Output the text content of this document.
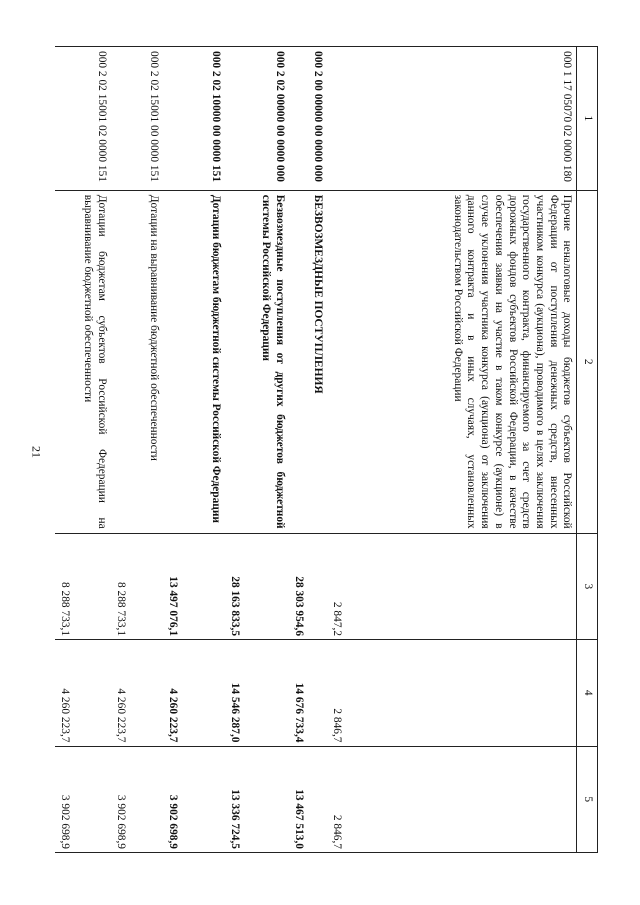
21
1	2	3	4	5
000 1 17 05070 02 0000 180	Прочие неналоговые доходы бюджетов субъектов Российской Федерации от поступления денежных средств, внесенных участником конкурса (аукциона), проводимого в целях заключения государственного контракта, финансируемого за счет средств дорожных фондов субъектов Российской Федерации, в качестве обеспечения заявки на участие в таком конкурсе (аукционе) в случае уклонения участника конкурса (аукциона) от заключения данного контракта и в иных случаях, установленных законодательством Российской Федерации	2 847,2	2 846,7	2 846,7
000 2 00 00000 00 0000 000	БЕЗВОЗМЕЗДНЫЕ ПОСТУПЛЕНИЯ	28 303 954,6	14 676 733,4	13 467 513,0
000 2 02 00000 00 0000 000	Безвозмездные поступления от других бюджетов бюджетной системы Российской Федерации	28 163 833,5	14 546 287,0	13 336 724,5
000 2 02 10000 00 0000 151	Дотации бюджетам бюджетной системы Российской Федерации	13 497 076,1	4 260 223,7	3 902 698,9
000 2 02 15001 00 0000 151	Дотации на выравнивание бюджетной обеспеченности	8 288 733,1	4 260 223,7	3 902 698,9
000 2 02 15001 02 0000 151	Дотации бюджетам субъектов Российской Федерации на выравнивание бюджетной обеспеченности	8 288 733,1	4 260 223,7	3 902 698,9
